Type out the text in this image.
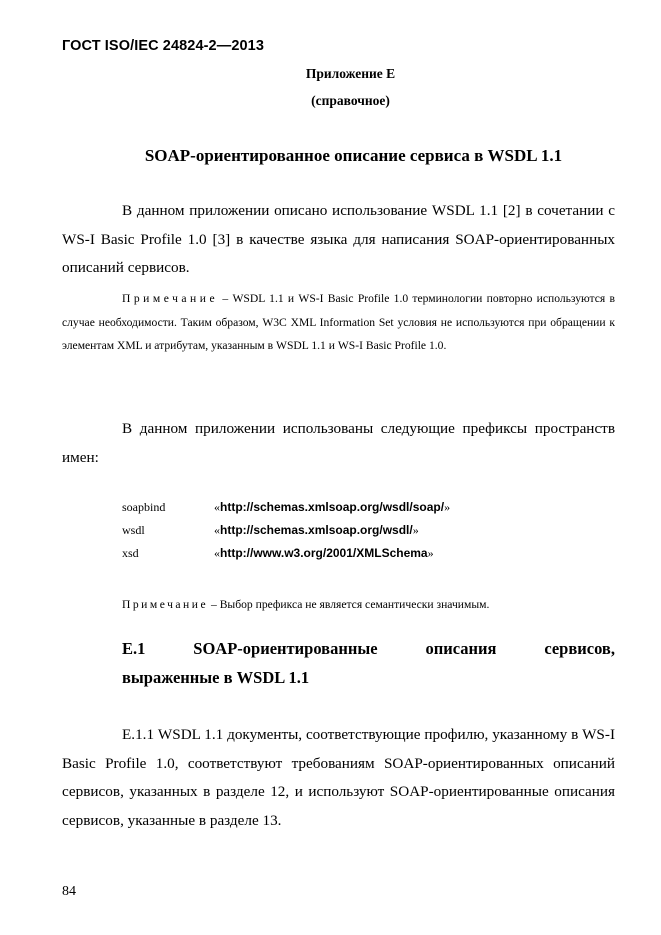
ГОСТ ISO/IEC 24824-2—2013
Приложение Е
(справочное)
SOAP-ориентированное описание сервиса в WSDL 1.1
В данном приложении описано использование WSDL 1.1 [2] в сочетании с WS-I Basic Profile 1.0 [3] в качестве языка для написания SOAP-ориентированных описаний сервисов.
Примечание – WSDL 1.1 и WS-I Basic Profile 1.0 терминологии повторно используются в случае необходимости. Таким образом, W3C XML Information Set условия не используются при обращении к элементам XML и атрибутам, указанным в WSDL 1.1 и WS-I Basic Profile 1.0.
В данном приложении использованы следующие префиксы пространств имен:
soapbind	«http://schemas.xmlsoap.org/wsdl/soap/»
wsdl	«http://schemas.xmlsoap.org/wsdl/»
xsd	«http://www.w3.org/2001/XMLSchema»
Примечание – Выбор префикса не является семантически значимым.
Е.1	SOAP-ориентированные	описания	сервисов,
выраженные в WSDL 1.1
Е.1.1 WSDL 1.1 документы, соответствующие профилю, указанному в WS-I Basic Profile 1.0, соответствуют требованиям SOAP-ориентированных описаний сервисов, указанных в разделе 12, и используют SOAP-ориентированные описания сервисов, указанные в разделе 13.
84
